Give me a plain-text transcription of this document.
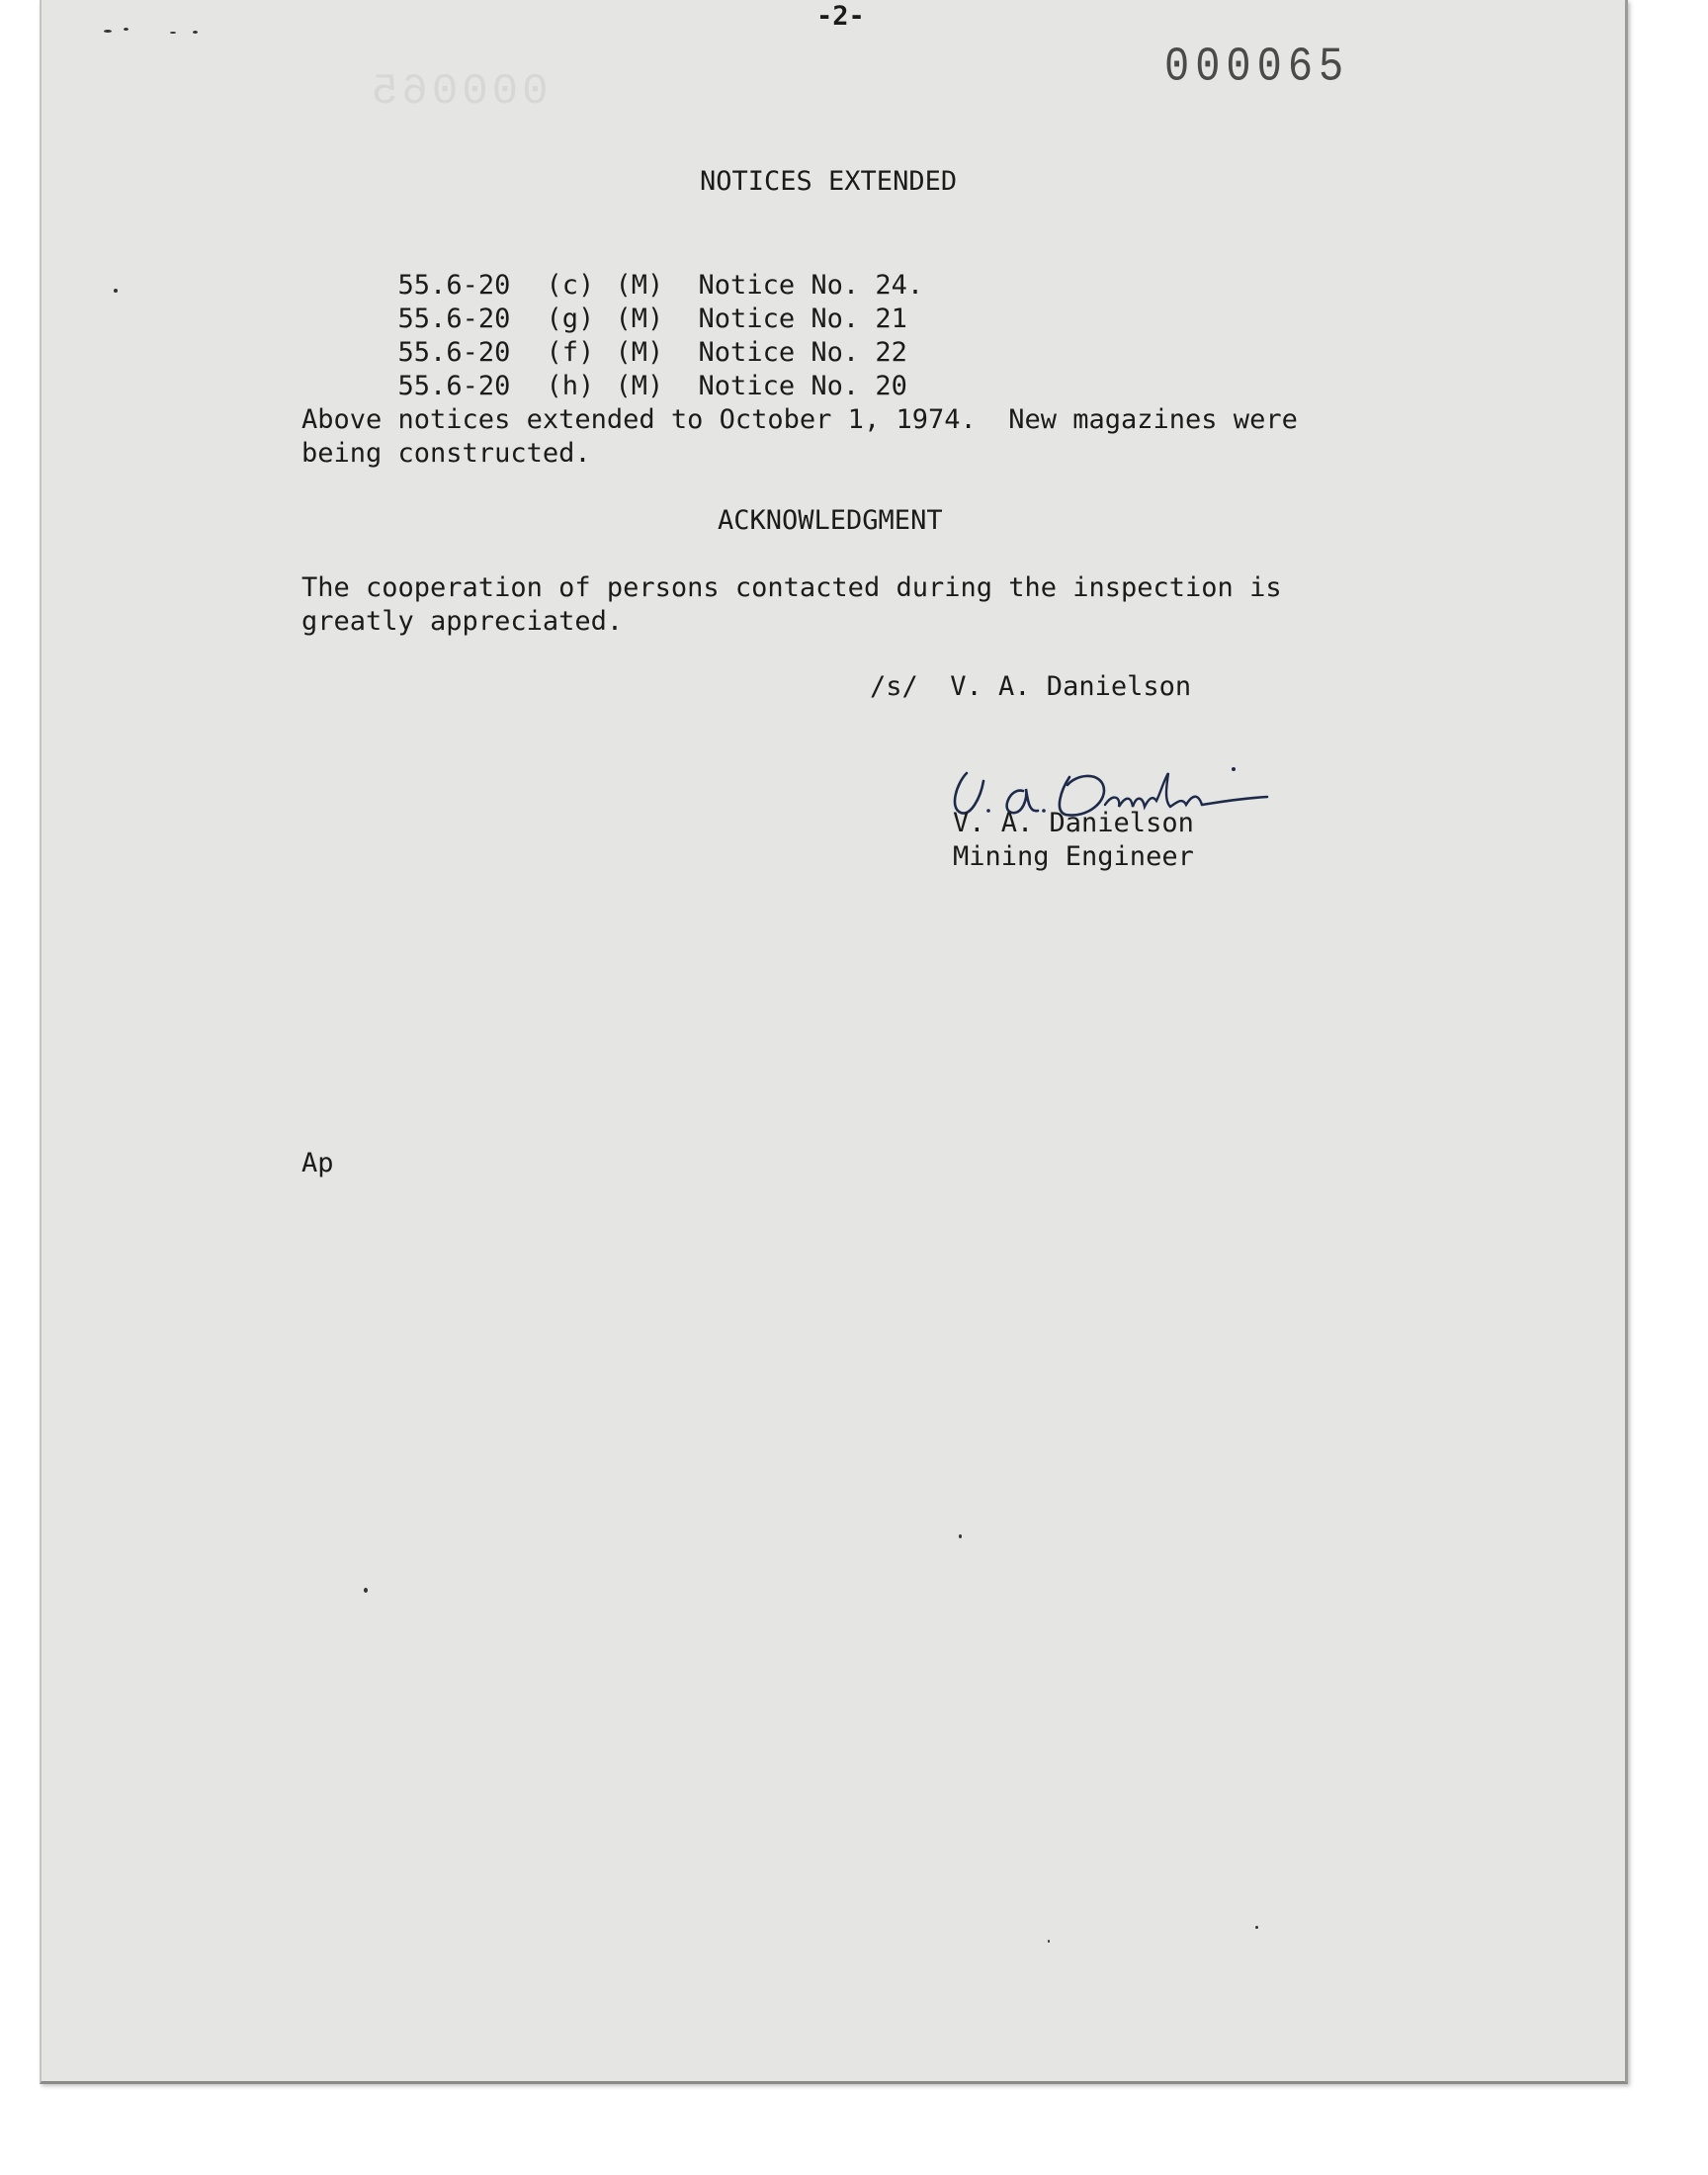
-2-
000065
000065
NOTICES EXTENDED

55.6-20 (c) (M) Notice No. 24.

55.6-20 (g) (M) Notice No. 21

55.6-20 (f) (M) Notice No. 22

55.6-20 (h) (M) Notice No. 20

Above notices extended to October 1, 1974.  New magazines were
being constructed.
ACKNOWLEDGMENT
The cooperation of persons contacted during the inspection is
greatly appreciated.
/s/  V. A. Danielson
V. A. Danielson
Mining Engineer
Ap
